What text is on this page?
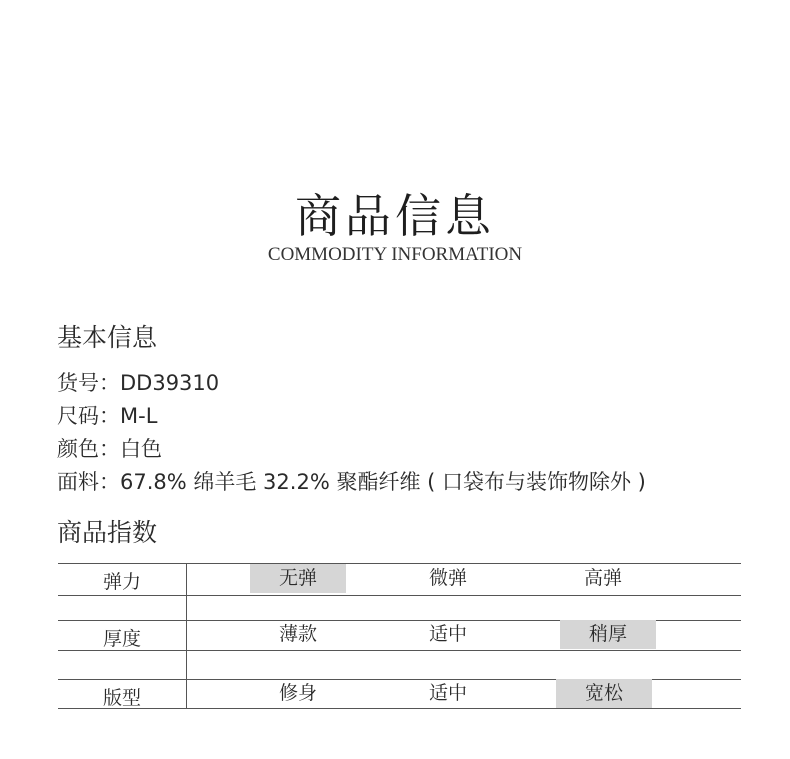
商品信息
COMMODITY INFORMATION
基本信息
货号：DD39310
尺码：M-L
颜色：白色
面料：67.8% 绵羊毛 32.2% 聚酯纤维 ( 口袋布与装饰物除外 )
商品指数
弹力	无弹	微弹	高弹
厚度	薄款	适中	稍厚
版型	修身	适中	宽松
